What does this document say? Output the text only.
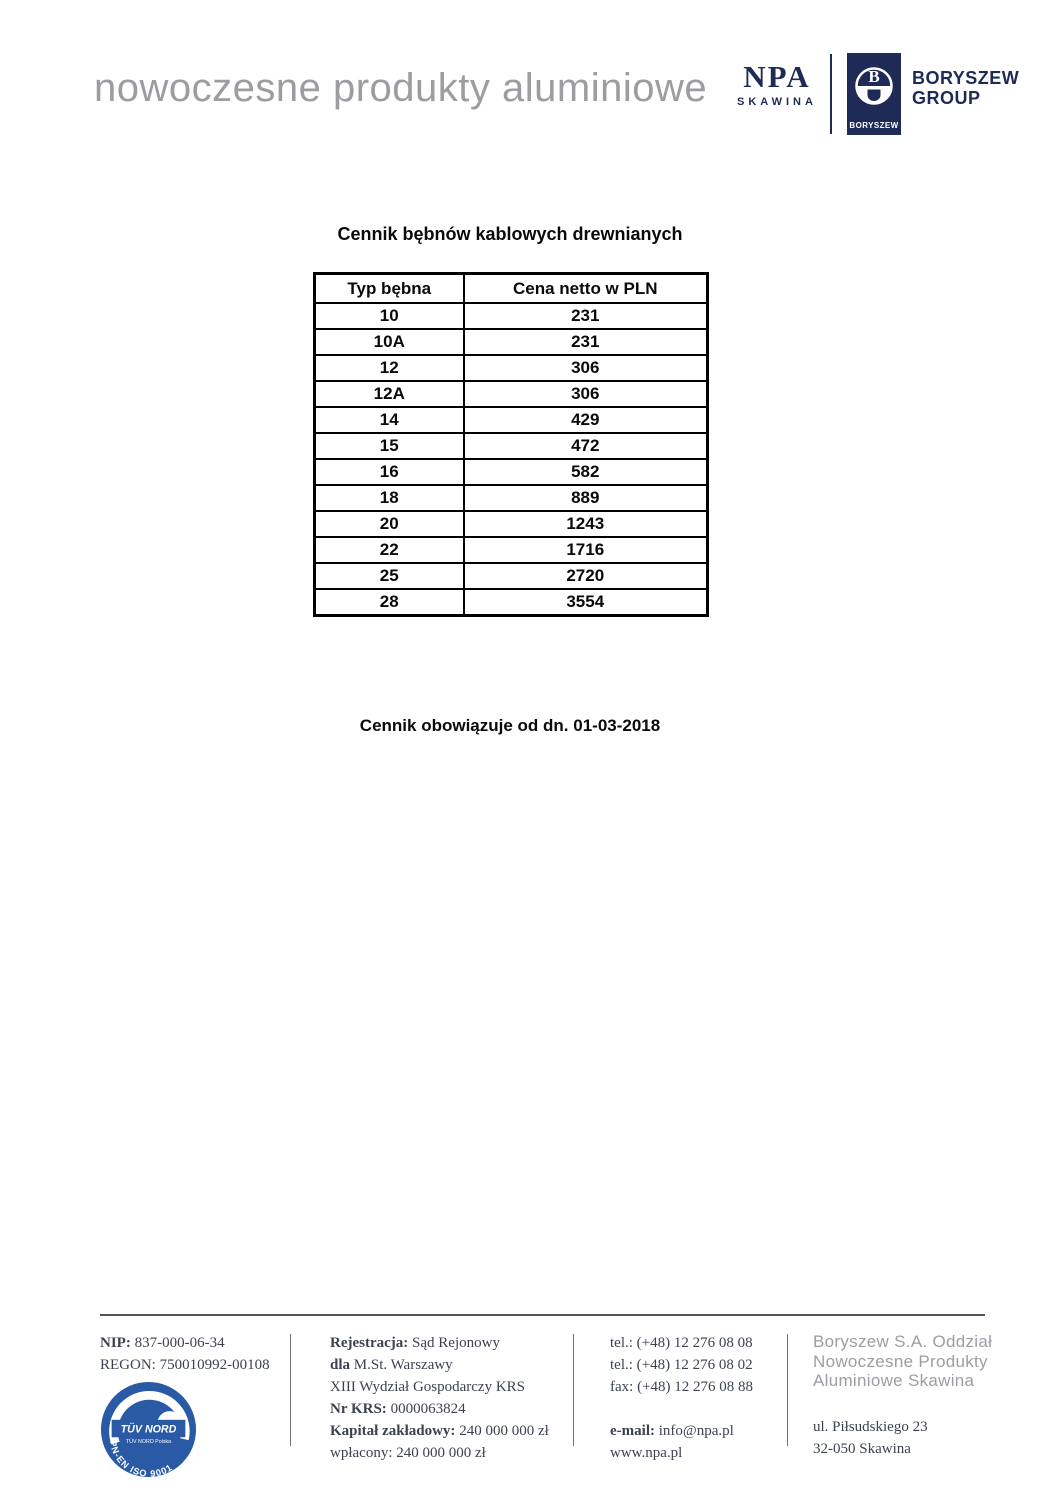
nowoczesne produkty aluminiowe NPA
SKAWINA
B
BORYSZEW
BORYSZEW
GROUP
Cennik bębnów kablowych drewnianych
Typ bębna	Cena netto w PLN
10	231
10A	231
12	306
12A	306
14	429
15	472
16	582
18	889
20	1243
22	1716
25	2720
28	3554

Cennik obowiązuje od dn. 01-03-2018

NIP: 837-000-06-34
REGON: 750010992-00108
TÜV NORD
TÜV NORD Polska
PN-EN ISO 9001
Rejestracja: Sąd Rejonowy
dla M.St. Warszawy
XIII Wydział Gospodarczy KRS
Nr KRS: 0000063824
Kapitał zakładowy: 240 000 000 zł
wpłacony: 240 000 000 zł
tel.: (+48) 12 276 08 08
tel.: (+48) 12 276 08 02
fax: (+48) 12 276 08 88
e-mail: info@npa.pl
www.npa.pl
Boryszew S.A. Oddział
Nowoczesne Produkty
Aluminiowe Skawina
ul. Piłsudskiego 23
32-050 Skawina
